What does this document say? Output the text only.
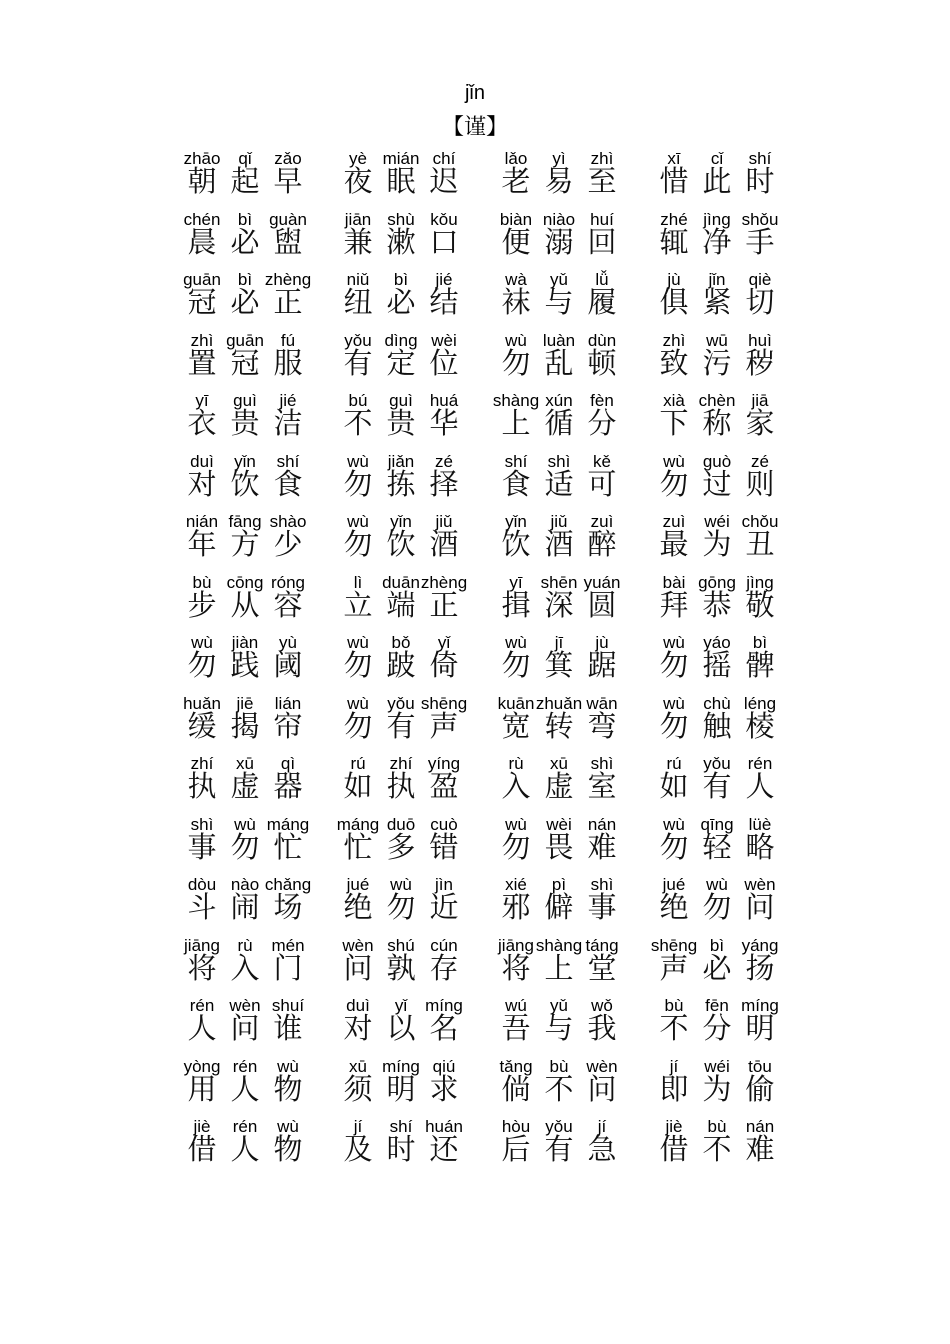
jǐn
【谨】
zhāo
朝
qǐ
起
zǎo
早
yè
夜
mián
眠
chí
迟
lǎo
老
yì
易
zhì
至
xī
惜
cǐ
此
shí
时
chén
晨
bì
必
guàn
盥
jiān
兼
shù
漱
kǒu
口
biàn
便
niào
溺
huí
回
zhé
辄
jìng
净
shǒu
手
guān
冠
bì
必
zhèng
正
niǔ
纽
bì
必
jié
结
wà
袜
yǔ
与
lǚ
履
jù
俱
jǐn
紧
qiè
切
zhì
置
guān
冠
fú
服
yǒu
有
dìng
定
wèi
位
wù
勿
luàn
乱
dùn
顿
zhì
致
wū
污
huì
秽
yī
衣
guì
贵
jié
洁
bú
不
guì
贵
huá
华
shàng
上
xún
循
fèn
分
xià
下
chèn
称
jiā
家
duì
对
yǐn
饮
shí
食
wù
勿
jiǎn
拣
zé
择
shí
食
shì
适
kě
可
wù
勿
guò
过
zé
则
nián
年
fāng
方
shào
少
wù
勿
yǐn
饮
jiǔ
酒
yǐn
饮
jiǔ
酒
zuì
醉
zuì
最
wéi
为
chǒu
丑
bù
步
cōng
从
róng
容
lì
立
duān
端
zhèng
正
yī
揖
shēn
深
yuán
圆
bài
拜
gōng
恭
jìng
敬
wù
勿
jiàn
践
yù
阈
wù
勿
bǒ
跛
yǐ
倚
wù
勿
jī
箕
jù
踞
wù
勿
yáo
摇
bì
髀
huǎn
缓
jiē
揭
lián
帘
wù
勿
yǒu
有
shēng
声
kuān
宽
zhuǎn
转
wān
弯
wù
勿
chù
触
léng
棱
zhí
执
xū
虚
qì
器
rú
如
zhí
执
yíng
盈
rù
入
xū
虚
shì
室
rú
如
yǒu
有
rén
人
shì
事
wù
勿
máng
忙
máng
忙
duō
多
cuò
错
wù
勿
wèi
畏
nán
难
wù
勿
qīng
轻
lüè
略
dòu
斗
nào
闹
chǎng
场
jué
绝
wù
勿
jìn
近
xié
邪
pì
僻
shì
事
jué
绝
wù
勿
wèn
问
jiāng
将
rù
入
mén
门
wèn
问
shú
孰
cún
存
jiāng
将
shàng
上
táng
堂
shēng
声
bì
必
yáng
扬
rén
人
wèn
问
shuí
谁
duì
对
yǐ
以
míng
名
wú
吾
yǔ
与
wǒ
我
bù
不
fēn
分
míng
明
yòng
用
rén
人
wù
物
xū
须
míng
明
qiú
求
tǎng
倘
bù
不
wèn
问
jí
即
wéi
为
tōu
偷
jiè
借
rén
人
wù
物
jí
及
shí
时
huán
还
hòu
后
yǒu
有
jí
急
jiè
借
bù
不
nán
难
